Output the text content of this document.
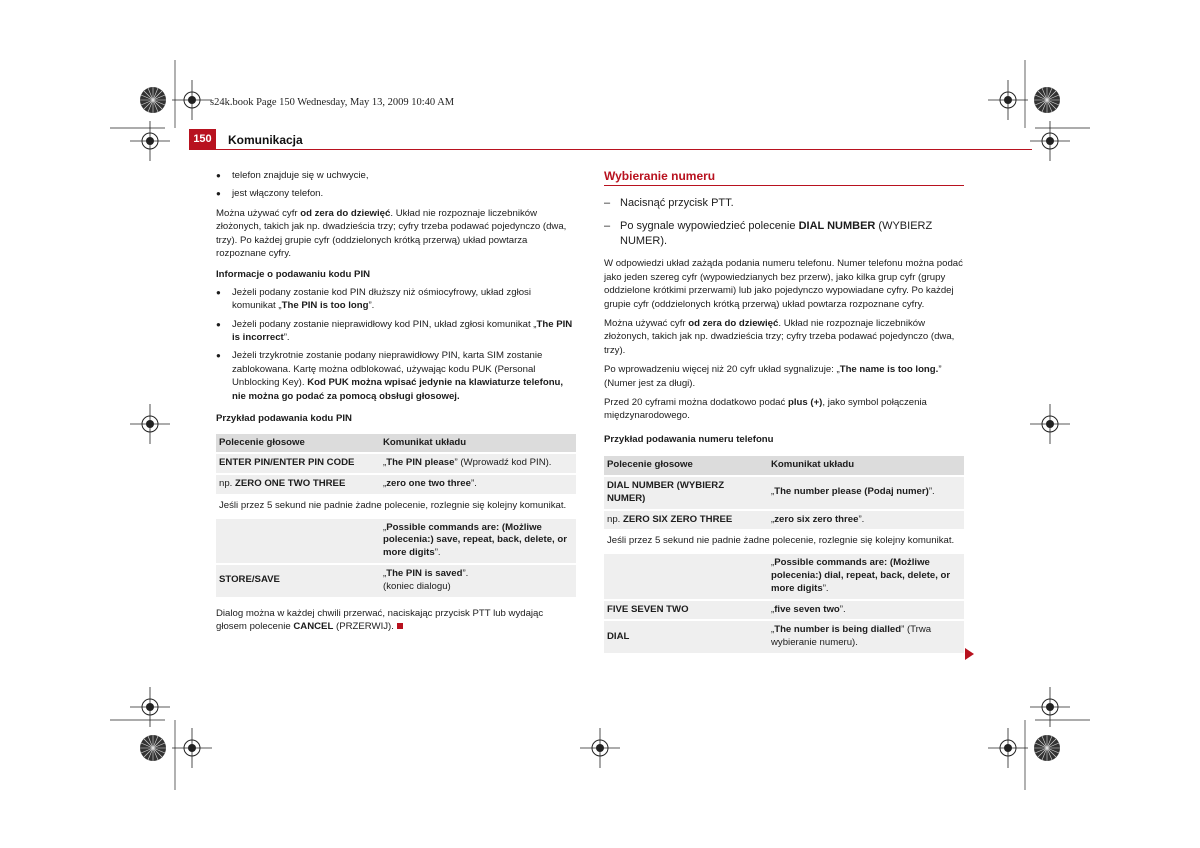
s24k.book Page 150 Wednesday, May 13, 2009 10:40 AM
150	Komunikacja
● telefon znajduje się w uchwycie,
● jest włączony telefon.

Można używać cyfr od zera do dziewięć. Układ nie rozpoznaje liczebników złożonych, takich jak np. dwadzieścia trzy; cyfry trzeba podawać pojedynczo (dwa, trzy). Po każdej grupie cyfr (oddzielonych krótką przerwą) układ powtarza rozpoznane cyfry.

Informacje o podawaniu kodu PIN
● Jeżeli podany zostanie kod PIN dłuższy niż ośmiocyfrowy, układ zgłosi komunikat „The PIN is too long”.
● Jeżeli podany zostanie nieprawidłowy kod PIN, układ zgłosi komunikat „The PIN is incorrect”.
● Jeżeli trzykrotnie zostanie podany nieprawidłowy PIN, karta SIM zostanie zablokowana. Kartę można odblokować, używając kodu PUK (Personal Unblocking Key). Kod PUK można wpisać jedynie na klawiaturze telefonu, nie można go podać za pomocą obsługi głosowej.
Przykład podawania kodu PIN
Polecenie głosowe	Komunikat układu
ENTER PIN/ENTER PIN CODE	„The PIN please” (Wprowadź kod PIN).
np. ZERO ONE TWO THREE	„zero one two three”.
Jeśli przez 5 sekund nie padnie żadne polecenie, rozlegnie się kolejny komunikat.	
	„Possible commands are: (Możliwe polecenia:) save, repeat, back, delete, or more digits”.
STORE/SAVE	„The PIN is saved”.
(koniec dialogu)

Dialog można w każdej chwili przerwać, naciskając przycisk PTT lub wydając głosem polecenie CANCEL (PRZERWIJ).

Wybieranie numeru
– Nacisnąć przycisk PTT.
– Po sygnale wypowiedzieć polecenie DIAL NUMBER (WYBIERZ NUMER).

W odpowiedzi układ zażąda podania numeru telefonu. Numer telefonu można podać jako jeden szereg cyfr (wypowiedzianych bez przerw), jako kilka grup cyfr (grupy oddzielone krótkimi przerwami) lub jako pojedynczo wypowiadane cyfry. Po każdej grupie cyfr (oddzielonych krótką przerwą) układ powtarza rozpoznane cyfry.

Można używać cyfr od zera do dziewięć. Układ nie rozpoznaje liczebników złożonych, takich jak np. dwadzieścia trzy; cyfry trzeba podawać pojedynczo (dwa, trzy).

Po wprowadzeniu więcej niż 20 cyfr układ sygnalizuje: „The name is too long.” (Numer jest za długi).

Przed 20 cyframi można dodatkowo podać plus (+), jako symbol połączenia międzynarodowego.

Przykład podawania numeru telefonu
Polecenie głosowe	Komunikat układu
DIAL NUMBER (WYBIERZ NUMER)	„The number please (Podaj numer)”.
np. ZERO SIX ZERO THREE	„zero six zero three”.
Jeśli przez 5 sekund nie padnie żadne polecenie, rozlegnie się kolejny komunikat.	
	„Possible commands are: (Możliwe polecenia:) dial, repeat, back, delete, or more digits”.
FIVE SEVEN TWO	„five seven two”.
DIAL	„The number is being dialled” (Trwa wybieranie numeru).
